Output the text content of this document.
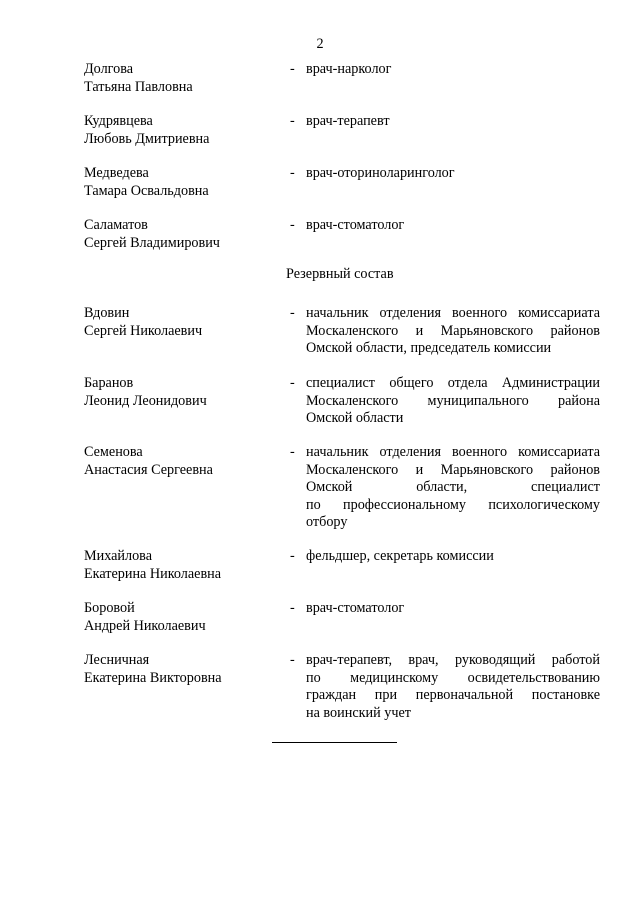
2
Долгова
Татьяна Павловна
- врач-нарколог
Кудрявцева
Любовь Дмитриевна
- врач-терапевт
Медведева
Тамара Освальдовна
- врач-оториноларинголог
Саламатов
Сергей Владимирович
- врач-стоматолог
Резервный состав
Вдовин
Сергей Николаевич
- начальник отделения военного комиссариата
Москаленского и Марьяновского районов
Омской области, председатель комиссии
Баранов
Леонид Леонидович
- специалист общего отдела Администрации
Москаленского муниципального района
Омской области
Семенова
Анастасия Сергеевна
- начальник отделения военного комиссариата
Москаленского и Марьяновского районов
Омской области, специалист
по профессиональному психологическому
отбору
Михайлова
Екатерина Николаевна
- фельдшер, секретарь комиссии
Боровой
Андрей Николаевич
- врач-стоматолог
Лесничная
Екатерина Викторовна
- врач-терапевт, врач, руководящий работой
по медицинскому освидетельствованию
граждан при первоначальной постановке
на воинский учет
